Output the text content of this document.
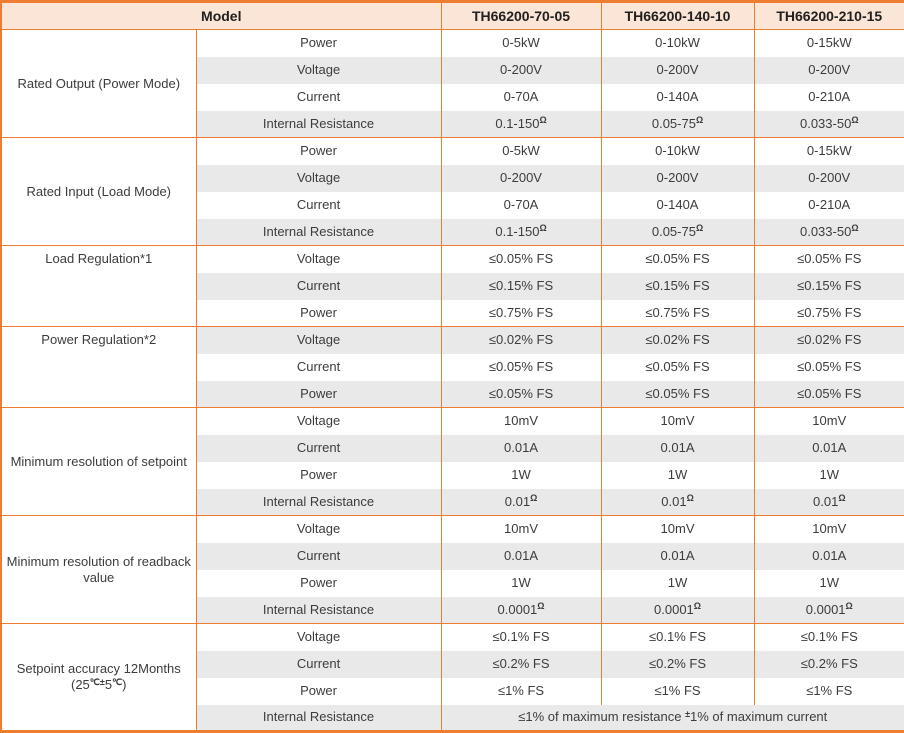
Model		TH66200-70-05	TH66200-140-10	TH66200-210-15
Rated Output (Power Mode)	Power	0-5kW	0-10kW	0-15kW
	Voltage	0-200V	0-200V	0-200V
	Current	0-70A	0-140A	0-210A
	Internal Resistance	$0.1-150^\Omega$	$0.05-75^\Omega$	$0.033-50^\Omega$
Rated Input (Load Mode)	Power	0-5kW	0-10kW	0-15kW
	Voltage	0-200V	0-200V	0-200V
	Current	0-70A	0-140A	0-210A
	Internal Resistance	$0.1-150^\Omega$	$0.05-75^\Omega$	$0.033-50^\Omega$
Load Regulation*1	Voltage	≤0.05% FS	≤0.05% FS	≤0.05% FS
	Current	≤0.15% FS	≤0.15% FS	≤0.15% FS
	Power	≤0.75% FS	≤0.75% FS	≤0.75% FS
Power Regulation*2	Voltage	≤0.02% FS	≤0.02% FS	≤0.02% FS
	Current	≤0.05% FS	≤0.05% FS	≤0.05% FS
	Power	≤0.05% FS	≤0.05% FS	≤0.05% FS
Minimum resolution of setpoint	Voltage	10mV	10mV	10mV
	Current	0.01A	0.01A	0.01A
	Power	1W	1W	1W
	Internal Resistance	$0.01^\Omega$	$0.01^\Omega$	$0.01^\Omega$
Minimum resolution of readback value	Voltage	10mV	10mV	10mV
	Current	0.01A	0.01A	0.01A
	Power	1W	1W	1W
	Internal Resistance	$0.0001^\Omega$	$0.0001^\Omega$	$0.0001^\Omega$
Setpoint accuracy 12Months
(25℃±5℃)	Voltage	≤0.1% FS	≤0.1% FS	≤0.1% FS
	Current	≤0.2% FS	≤0.2% FS	≤0.2% FS
	Power	≤1% FS	≤1% FS	≤1% FS
	Internal Resistance	≤1% of maximum resistance ±1% of maximum current		
